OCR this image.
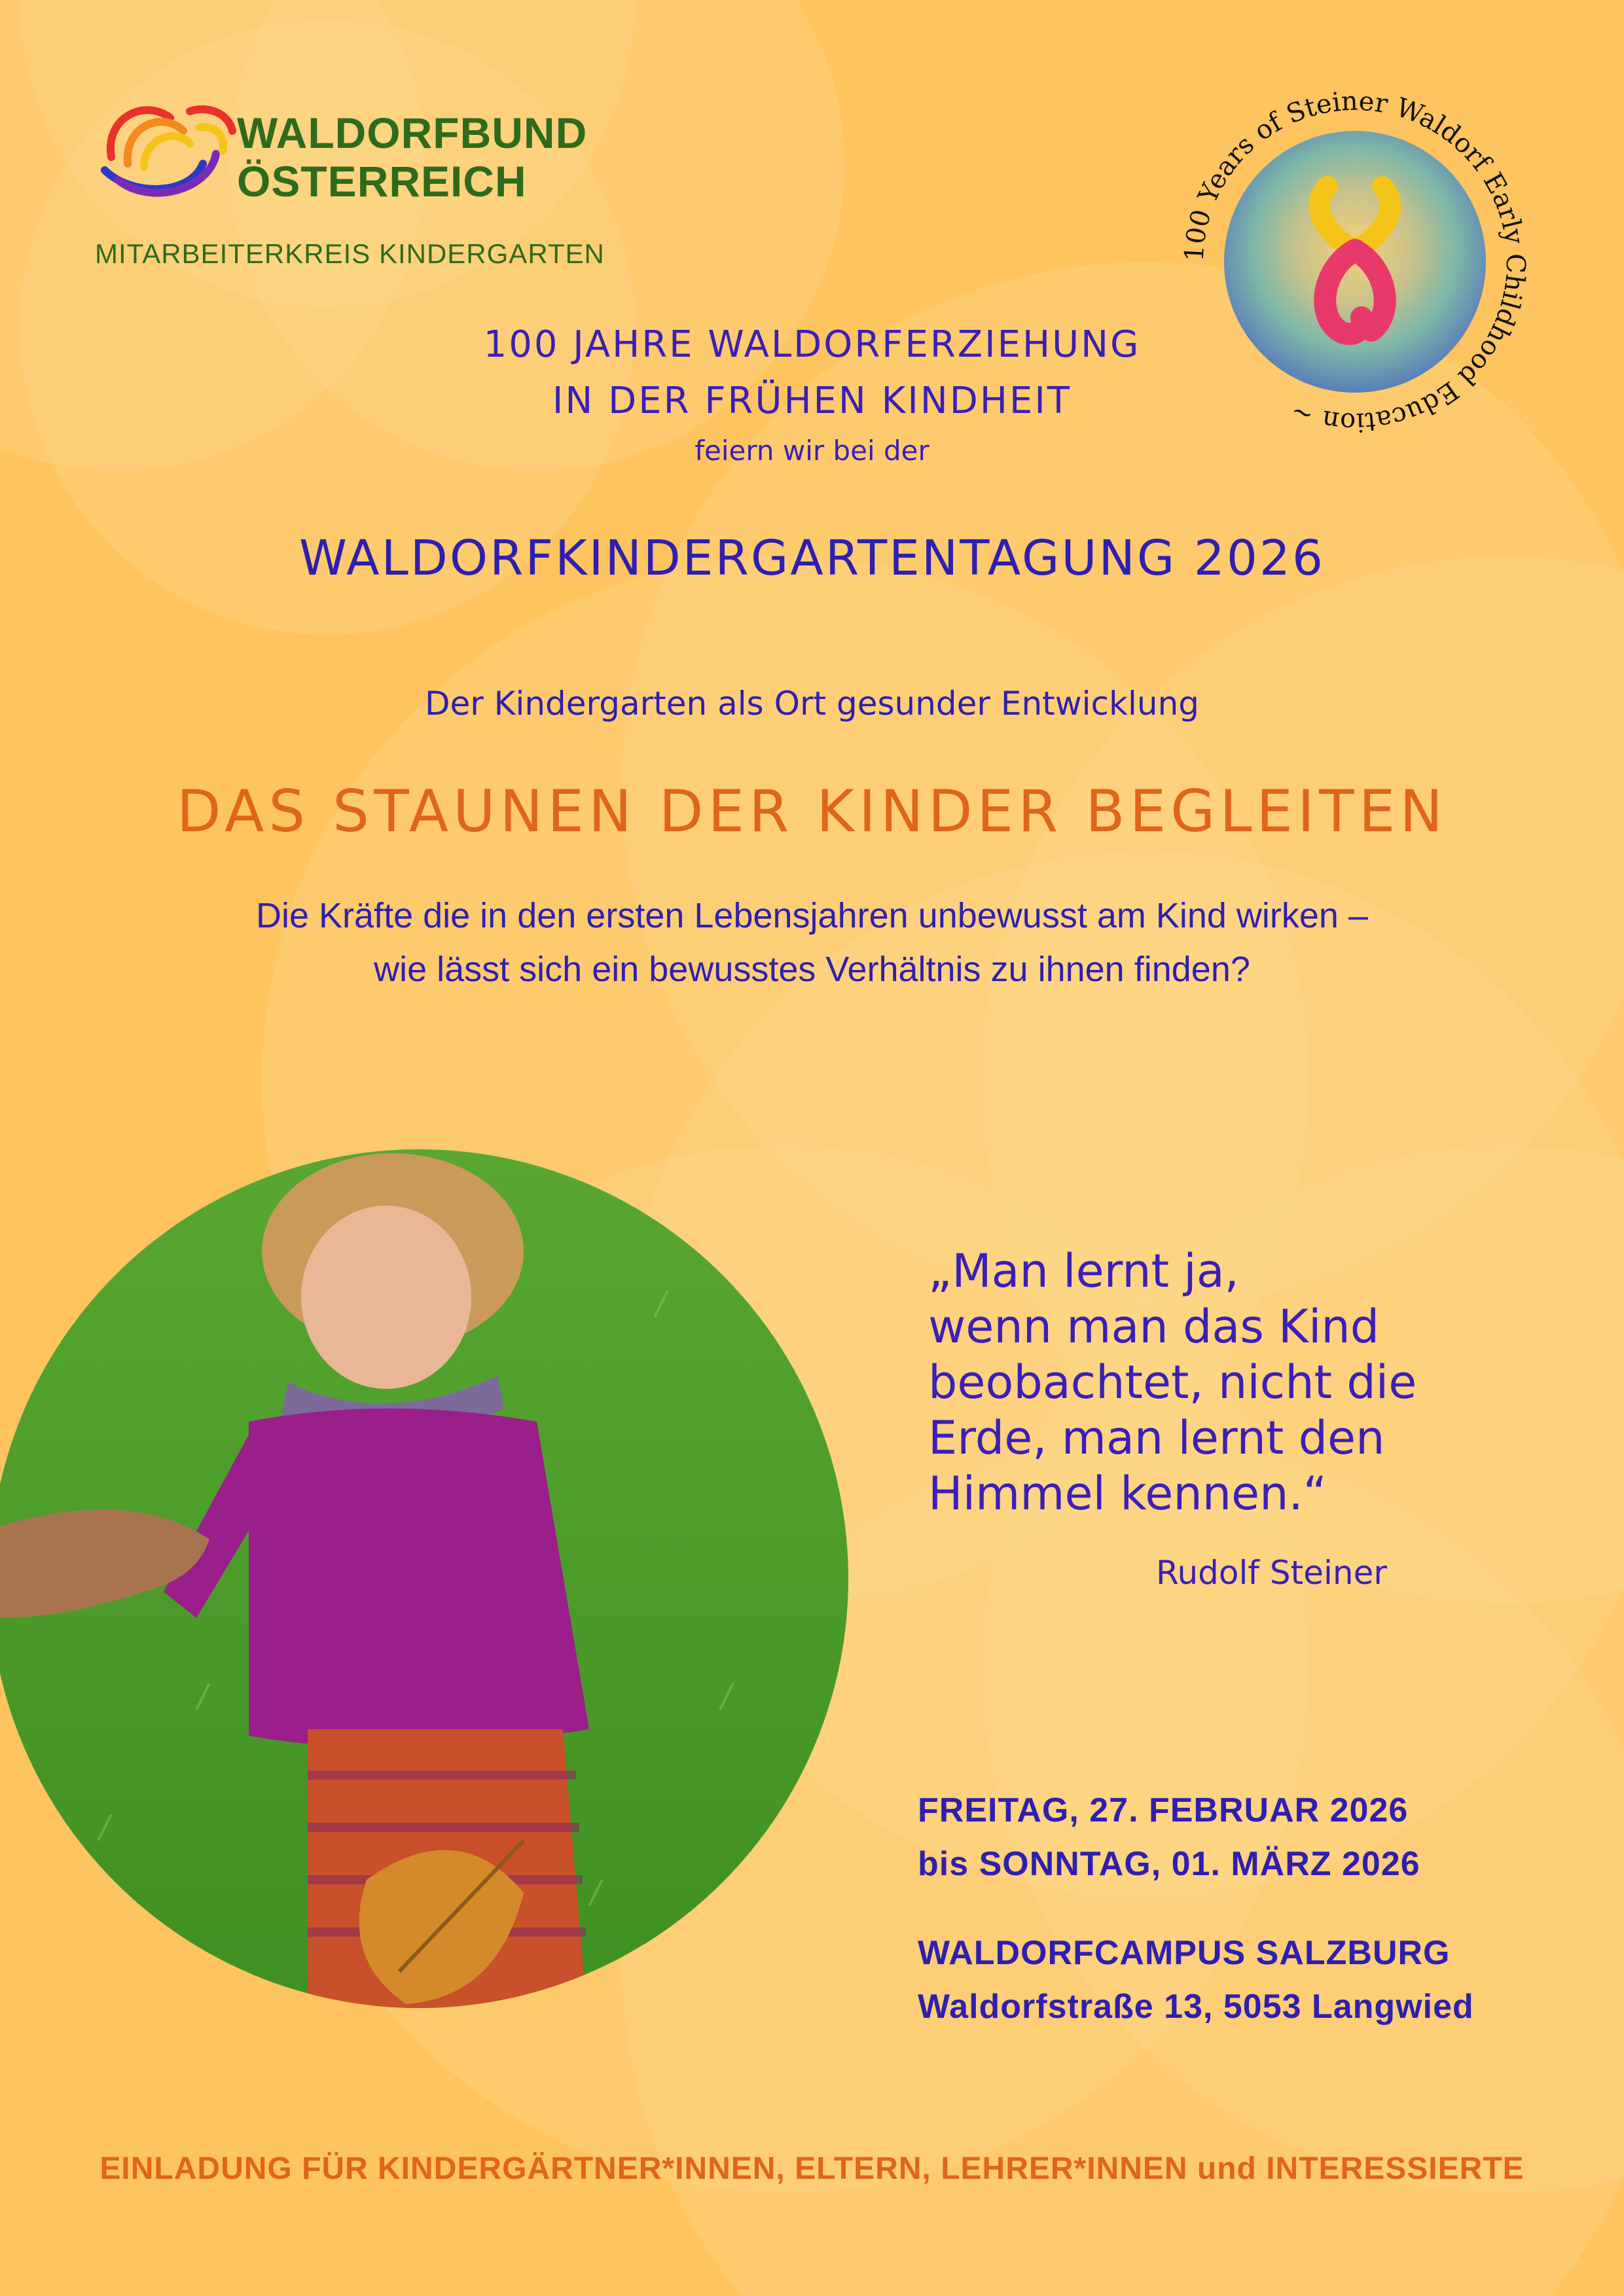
WALDORFBUND
ÖSTERREICH
MITARBEITERKREIS KINDERGARTEN	100 Years of Steiner Waldorf Early Childhood Education ~
100 JAHRE WALDORFERZIEHUNG
IN DER FRÜHEN KINDHEIT
feiern wir bei der
WALDORFKINDERGARTENTAGUNG 2026
Der Kindergarten als Ort gesunder Entwicklung
DAS STAUNEN DER KINDER BEGLEITEN
Die Kräfte die in den ersten Lebensjahren unbewusst am Kind wirken –
wie lässt sich ein bewusstes Verhältnis zu ihnen finden?
„Man lernt ja,
wenn man das Kind
beobachtet, nicht die
Erde, man lernt den
Himmel kennen.“
Rudolf Steiner
FREITAG, 27. FEBRUAR 2026
bis SONNTAG, 01. MÄRZ 2026
WALDORFCAMPUS SALZBURG
Waldorfstraße 13, 5053 Langwied
EINLADUNG FÜR KINDERGÄRTNER*INNEN, ELTERN, LEHRER*INNEN und INTERESSIERTE
